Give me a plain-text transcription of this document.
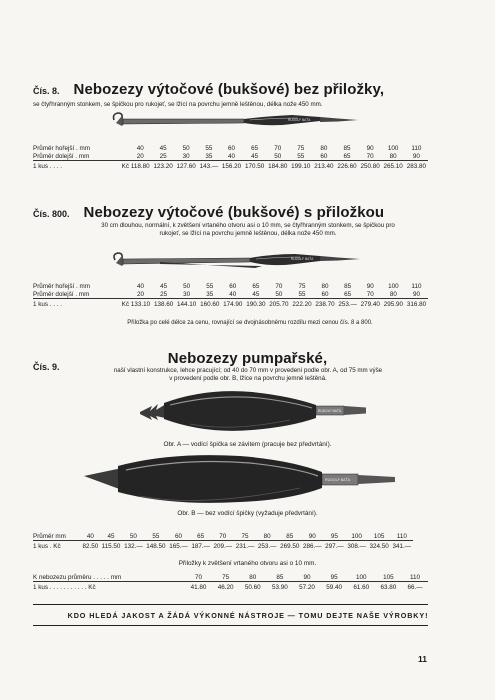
Čís. 8. Nebozezy výtočové (bukšové) bez přiložky,
se čtyřhranným stonkem, se špičkou pro rukojeť, se lžící na povrchu jemně leštěnou, délka nože 450 mm.
RUDOLF BAŤA
Průměr hořejší . mm	40	45	50	55	60	65	70	75	80	85	90	100	110
Průměr dolejší . mm	20	25	30	35	40	45	50	55	60	65	70	80	90
1 kus . . . . Kč	118.80	123.20	127.60	143.—	156.20	170.50	184.80	199.10	213.40	226.60	250.80	265.10	283.80
Čís. 800. Nebozezy výtočové (bukšové) s přiložkou
30 cm dlouhou, normální, k zvětšení vrtaného otvoru asi o 10 mm, se čtyřhranným stonkem, se špičkou pro
rukojeť, se lžící na povrchu jemně leštěnou, délka nože 450 mm.
RUDOLF BAŤA
Průměr hořejší . mm	40	45	50	55	60	65	70	75	80	85	90	100	110
Průměr dolejší . mm	20	25	30	35	40	45	50	55	60	65	70	80	90
1 kus . . . . Kč	133.10	138.60	144.10	160.60	174.90	190.30	205.70	222.20	238.70	253.—	279.40	295.90	316.80
Přiložka po celé délce za cenu, rovnající se dvojnásobnému rozdílu mezi cenou čís. 8 a 800.
Čís. 9.	Nebozezy pumpařské,
naší vlastní konstrukce, lehce pracující; od 40 do 70 mm v provedení podle obr. A, od 75 mm výše
v provedení podle obr. B, lžíce na povrchu jemně leštěná.
RUDOLF BAŤA
Obr. A — vodící špička se závitem (pracuje bez předvrtání).
RUDOLF BAŤA
Obr. B — bez vodící špičky (vyžaduje předvrtání).
Průměr mm	40	45	50	55	60	65	70	75	80	85	90	95	100	105	110
1 kus . Kč	82.50	115.50	132.—	148.50	165.—	187.—	209.—	231.—	253.—	269.50	286.—	297.—	308.—	324.50	341.—
Přiložky k zvětšení vrtaného otvoru asi o 10 mm.
K nebozezu průměru . . . . . mm	70	75	80	85	90	95	100	105	110
1 kus . . . . . . . . . . . Kč	41.80	46.20	50.60	53.90	57.20	59.40	61.60	63.80	66.—
KDO HLEDÁ JAKOST A ŽÁDÁ VÝKONNÉ NÁSTROJE — TOMU DEJTE NAŠE VÝROBKY!
11
